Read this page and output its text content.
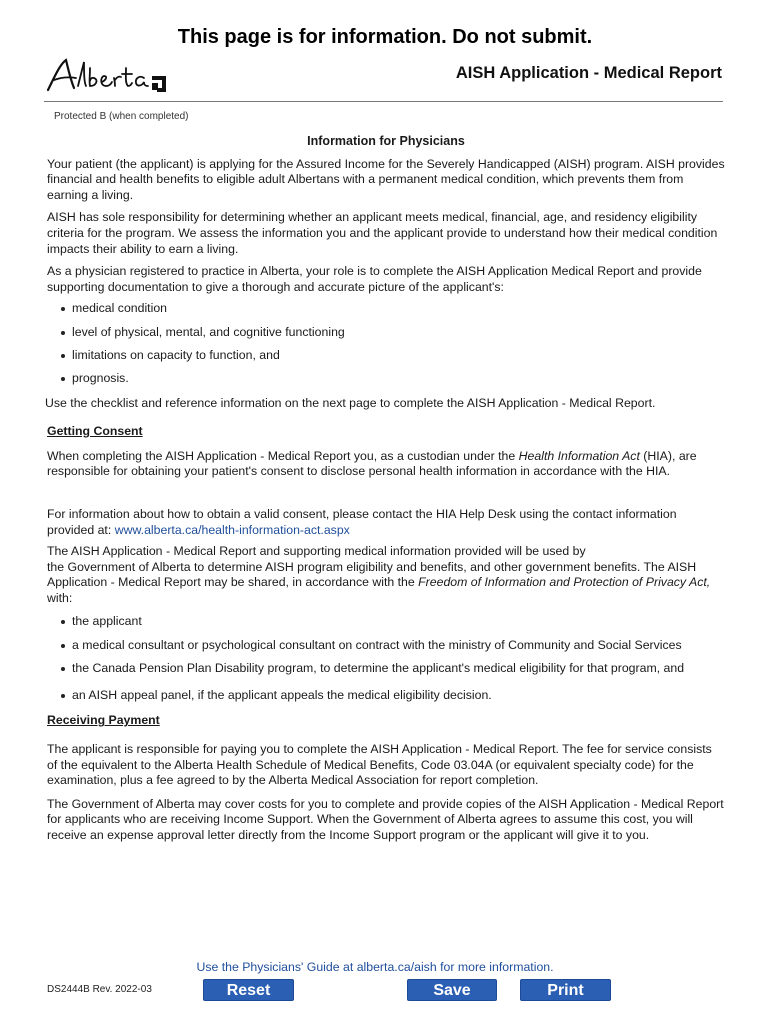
This page is for information. Do not submit.
AISH Application - Medical Report
Protected B (when completed)

Information for Physicians

Your patient (the applicant) is applying for the Assured Income for the Severely Handicapped (AISH) program. AISH provides financial and health benefits to eligible adult Albertans with a permanent medical condition, which prevents them from earning a living.

AISH has sole responsibility for determining whether an applicant meets medical, financial, age, and residency eligibility criteria for the program. We assess the information you and the applicant provide to understand how their medical condition impacts their ability to earn a living.

As a physician registered to practice in Alberta, your role is to complete the AISH Application Medical Report and provide supporting documentation to give a thorough and accurate picture of the applicant's:

medical condition
level of physical, mental, and cognitive functioning
limitations on capacity to function, and
prognosis.

Use the checklist and reference information on the next page to complete the AISH Application - Medical Report.

Getting Consent

When completing the AISH Application - Medical Report you, as a custodian under the Health Information Act (HIA), are responsible for obtaining your patient's consent to disclose personal health information in accordance with the HIA.

For information about how to obtain a valid consent, please contact the HIA Help Desk using the contact information provided at: www.alberta.ca/health-information-act.aspx

The AISH Application - Medical Report and supporting medical information provided will be used by
the Government of Alberta to determine AISH program eligibility and benefits, and other government benefits. The AISH Application - Medical Report may be shared, in accordance with the Freedom of Information and Protection of Privacy Act, with:

the applicant
a medical consultant or psychological consultant on contract with the ministry of Community and Social Services
the Canada Pension Plan Disability program, to determine the applicant's medical eligibility for that program, and
an AISH appeal panel, if the applicant appeals the medical eligibility decision.

Receiving Payment

The applicant is responsible for paying you to complete the AISH Application - Medical Report. The fee for service consists of the equivalent to the Alberta Health Schedule of Medical Benefits, Code 03.04A (or equivalent specialty code) for the examination, plus a fee agreed to by the Alberta Medical Association for report completion.

The Government of Alberta may cover costs for you to complete and provide copies of the AISH Application - Medical Report for applicants who are receiving Income Support. When the Government of Alberta agrees to assume this cost, you will receive an expense approval letter directly from the Income Support program or the applicant will give it to you.

Use the Physicians' Guide at alberta.ca/aish for more information.
DS2444B Rev. 2022-03	Reset	Save	Print
